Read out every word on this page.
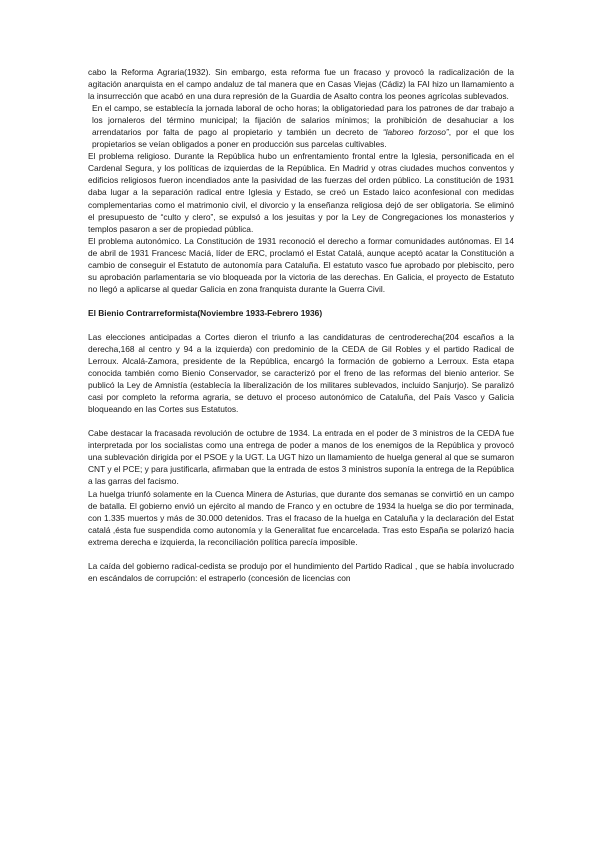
cabo la Reforma Agraria(1932). Sin embargo, esta reforma fue un fracaso y provocó la radicalización de la agitación anarquista en el campo andaluz de tal manera que en Casas Viejas (Cádiz) la FAI hizo un llamamiento a la insurrección que acabó en una dura represión de la Guardia de Asalto contra los peones agrícolas sublevados.

En el campo, se establecía la jornada laboral de ocho horas; la obligatoriedad para los patrones de dar trabajo a los jornaleros del término municipal; la fijación de salarios mínimos; la prohibición de desahuciar a los arrendatarios por falta de pago al propietario y también un decreto de “laboreo forzoso”, por el que los propietarios se veían obligados a poner en producción sus parcelas cultivables.

El problema religioso. Durante la República hubo un enfrentamiento frontal entre la Iglesia, personificada en el Cardenal Segura, y los políticas de izquierdas de la República. En Madrid y otras ciudades muchos conventos y edificios religiosos fueron incendiados ante la pasividad de las fuerzas del orden público. La constitución de 1931 daba lugar a la separación radical entre Iglesia y Estado, se creó un Estado laico aconfesional con medidas complementarias como el matrimonio civil, el divorcio y la enseñanza religiosa dejó de ser obligatoria. Se eliminó el presupuesto de “culto y clero”, se expulsó a los jesuitas y por la Ley de Congregaciones los monasterios y templos pasaron a ser de propiedad pública.

El problema autonómico. La Constitución de 1931 reconoció el derecho a formar comunidades autónomas. El 14 de abril de 1931 Francesc Maciá, líder de ERC, proclamó el Estat Catalá, aunque aceptó acatar la Constitución a cambio de conseguir el Estatuto de autonomía para Cataluña. El estatuto vasco fue aprobado por plebiscito, pero su aprobación parlamentaria se vio bloqueada por la victoria de las derechas. En Galicia, el proyecto de Estatuto no llegó a aplicarse al quedar Galicia en zona franquista durante la Guerra Civil.

El Bienio Contrarreformista(Noviembre 1933-Febrero 1936)

Las elecciones anticipadas a Cortes dieron el triunfo a las candidaturas de centroderecha(204 escaños a la derecha,168 al centro y 94 a la izquierda) con predominio de la CEDA de Gil Robles y el partido Radical de Lerroux. Alcalá-Zamora, presidente de la República, encargó la formación de gobierno a Lerroux. Esta etapa conocida también como Bienio Conservador, se caracterizó por el freno de las reformas del bienio anterior. Se publicó la Ley de Amnistía (establecía la liberalización de los militares sublevados, incluido Sanjurjo). Se paralizó casi por completo la reforma agraria, se detuvo el proceso autonómico de Cataluña, del País Vasco y Galicia bloqueando en las Cortes sus Estatutos.

Cabe destacar la fracasada revolución de octubre de 1934. La entrada en el poder de 3 ministros de la CEDA fue interpretada por los socialistas como una entrega de poder a manos de los enemigos de la República y provocó una sublevación dirigida por el PSOE y la UGT. La UGT hizo un llamamiento de huelga general al que se sumaron CNT y el PCE; y para justificarla, afirmaban que la entrada de estos 3 ministros suponía la entrega de la República a las garras del facismo.

La huelga triunfó solamente en la Cuenca Minera de Asturias, que durante dos semanas se convirtió en un campo de batalla. El gobierno envió un ejército al mando de Franco y en octubre de 1934 la huelga se dio por terminada, con 1.335 muertos y más de 30.000 detenidos. Tras el fracaso de la huelga en Cataluña y la declaración del Estat catalá ,ésta fue suspendida como autonomía y la Generalitat fue encarcelada. Tras esto España se polarizó hacia extrema derecha e izquierda, la reconciliación política parecía imposible.

La caída del gobierno radical-cedista se produjo por el hundimiento del Partido Radical , que se había involucrado en escándalos de corrupción: el estraperlo (concesión de licencias con
